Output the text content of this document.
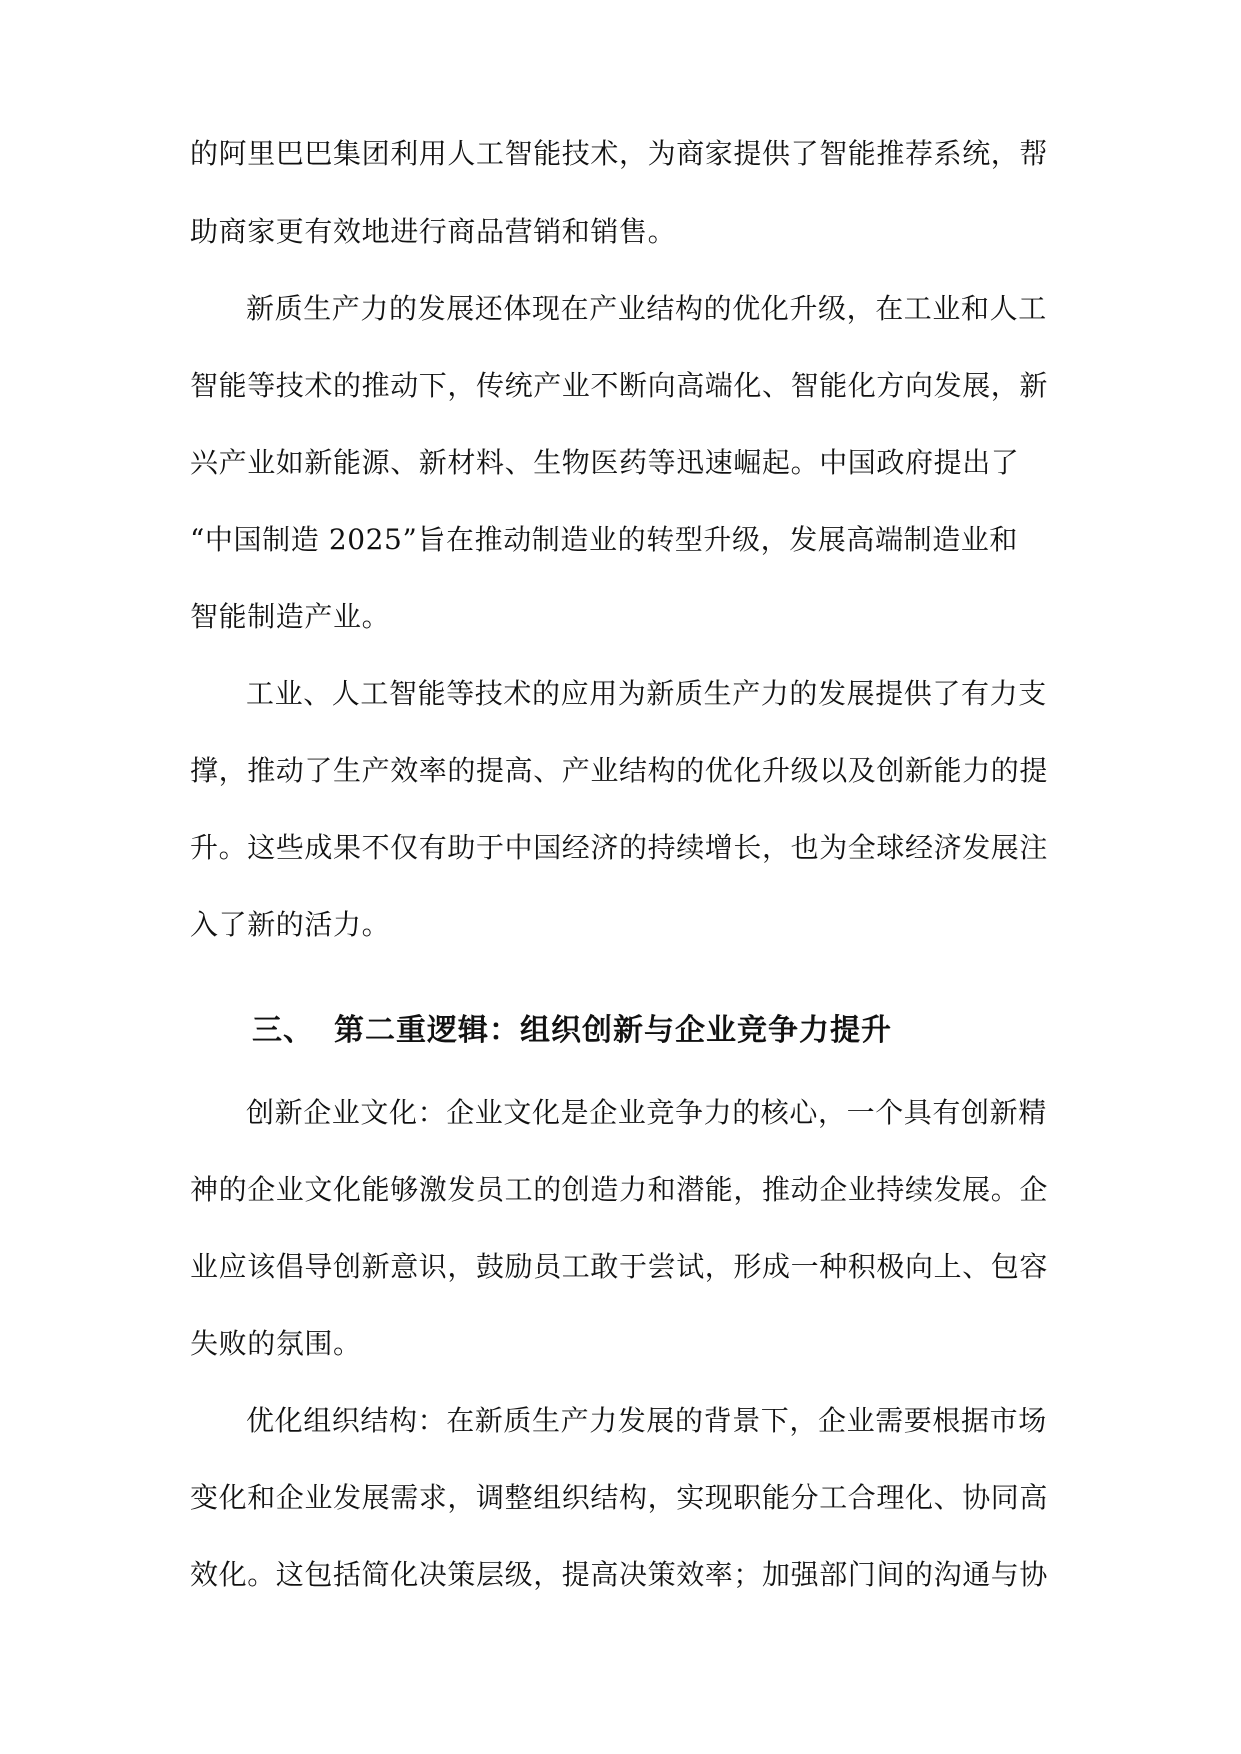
的阿里巴巴集团利用人工智能技术，为商家提供了智能推荐系统，帮
助商家更有效地进行商品营销和销售。
新质生产力的发展还体现在产业结构的优化升级，在工业和人工
智能等技术的推动下，传统产业不断向高端化、智能化方向发展，新
兴产业如新能源、新材料、生物医药等迅速崛起。中国政府提出了
“中国制造 2025”旨在推动制造业的转型升级，发展高端制造业和
智能制造产业。
工业、人工智能等技术的应用为新质生产力的发展提供了有力支
撑，推动了生产效率的提高、产业结构的优化升级以及创新能力的提
升。这些成果不仅有助于中国经济的持续增长，也为全球经济发展注
入了新的活力。
三、 第二重逻辑：组织创新与企业竞争力提升
创新企业文化：企业文化是企业竞争力的核心，一个具有创新精
神的企业文化能够激发员工的创造力和潜能，推动企业持续发展。企
业应该倡导创新意识，鼓励员工敢于尝试，形成一种积极向上、包容
失败的氛围。
优化组织结构：在新质生产力发展的背景下，企业需要根据市场
变化和企业发展需求，调整组织结构，实现职能分工合理化、协同高
效化。这包括简化决策层级，提高决策效率；加强部门间的沟通与协
